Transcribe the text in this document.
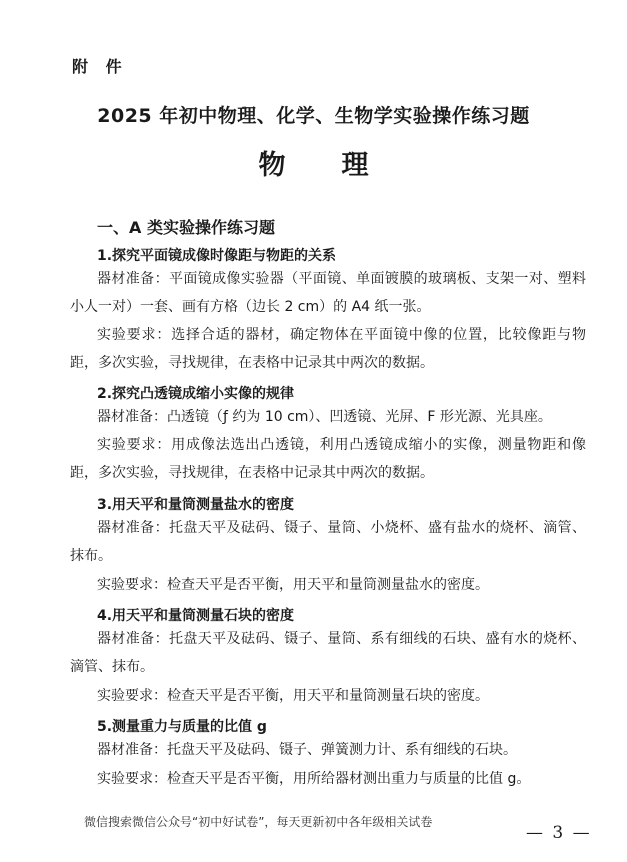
附 件
2025 年初中物理、化学、生物学实验操作练习题
物理
一、A 类实验操作练习题
1.探究平面镜成像时像距与物距的关系
器材准备：平面镜成像实验器（平面镜、单面镀膜的玻璃板、支架一对、塑料小人一对）一套、画有方格（边长 2 cm）的 A4 纸一张。
实验要求：选择合适的器材，确定物体在平面镜中像的位置，比较像距与物距，多次实验，寻找规律，在表格中记录其中两次的数据。
2.探究凸透镜成缩小实像的规律
器材准备：凸透镜（ƒ 约为 10 cm）、凹透镜、光屏、F 形光源、光具座。
实验要求：用成像法选出凸透镜，利用凸透镜成缩小的实像，测量物距和像距，多次实验，寻找规律，在表格中记录其中两次的数据。
3.用天平和量筒测量盐水的密度
器材准备：托盘天平及砝码、镊子、量筒、小烧杯、盛有盐水的烧杯、滴管、抹布。
实验要求：检查天平是否平衡，用天平和量筒测量盐水的密度。
4.用天平和量筒测量石块的密度
器材准备：托盘天平及砝码、镊子、量筒、系有细线的石块、盛有水的烧杯、滴管、抹布。
实验要求：检查天平是否平衡，用天平和量筒测量石块的密度。
5.测量重力与质量的比值 g
器材准备：托盘天平及砝码、镊子、弹簧测力计、系有细线的石块。
实验要求：检查天平是否平衡，用所给器材测出重力与质量的比值 g。
微信搜索微信公众号“初中好试卷”，每天更新初中各年级相关试卷
— 3 —
